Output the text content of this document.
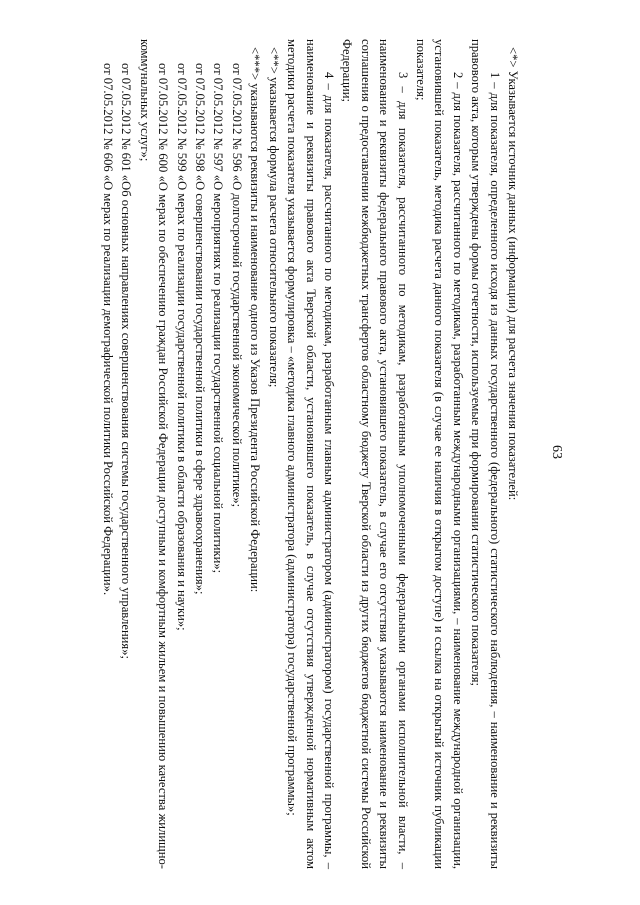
63

<*> Указывается источник данных (информации) для расчета значения показателей:

1 – для показателя, определенного исходя из данных государственного (федерального) статистического наблюдения, – наименование и реквизиты правового акта, которым утверждены формы отчетности, используемые при формировании статистического показателя;

2 – для показателя, рассчитанного по методикам, разработанным международными организациями, – наименование международной организации, установившей показатель, методика расчета данного показателя (в случае ее наличия в открытом доступе) и ссылка на открытый источник публикации показателя;

3 – для показателя, рассчитанного по методикам, разработанным уполномоченными федеральными органами исполнительной власти, – наименование и реквизиты федерального правового акта, установившего показатель, в случае его отсутствия указываются наименование и реквизиты соглашения о предоставлении межбюджетных трансфертов областному бюджету Тверской области из других бюджетов бюджетной системы Российской Федерации;

4 – для показателя, рассчитанного по методикам, разработанным главным администратором (администратором) государственной программы, – наименование и реквизиты правового акта Тверской области, установившего показатель, в случае отсутствия утвержденной нормативным актом методики расчета показателя указывается формулировка – «методика главного администратора (администратора) государственной программы»;

<**> указывается формула расчета относительного показателя;

<***> указываются реквизиты и наименование одного из Указов Президента Российской Федерации:

от 07.05.2012 № 596 «О долгосрочной государственной экономической политике»;

от 07.05.2012 № 597 «О мероприятиях по реализации государственной социальной политики»;

от 07.05.2012 № 598 «О совершенствовании государственной политики в сфере здравоохранения»;

от 07.05.2012 № 599 «О мерах по реализации государственной политики в области образования и науки»;

от 07.05.2012 № 600 «О мерах по обеспечению граждан Российской Федерации доступным и комфортным жильем и повышению качества жилищно-коммунальных услуг»;

от 07.05.2012 № 601 «Об основных направлениях совершенствования системы государственного управления»;

от 07.05.2012 № 606 «О мерах по реализации демографической политики Российской Федерации».
